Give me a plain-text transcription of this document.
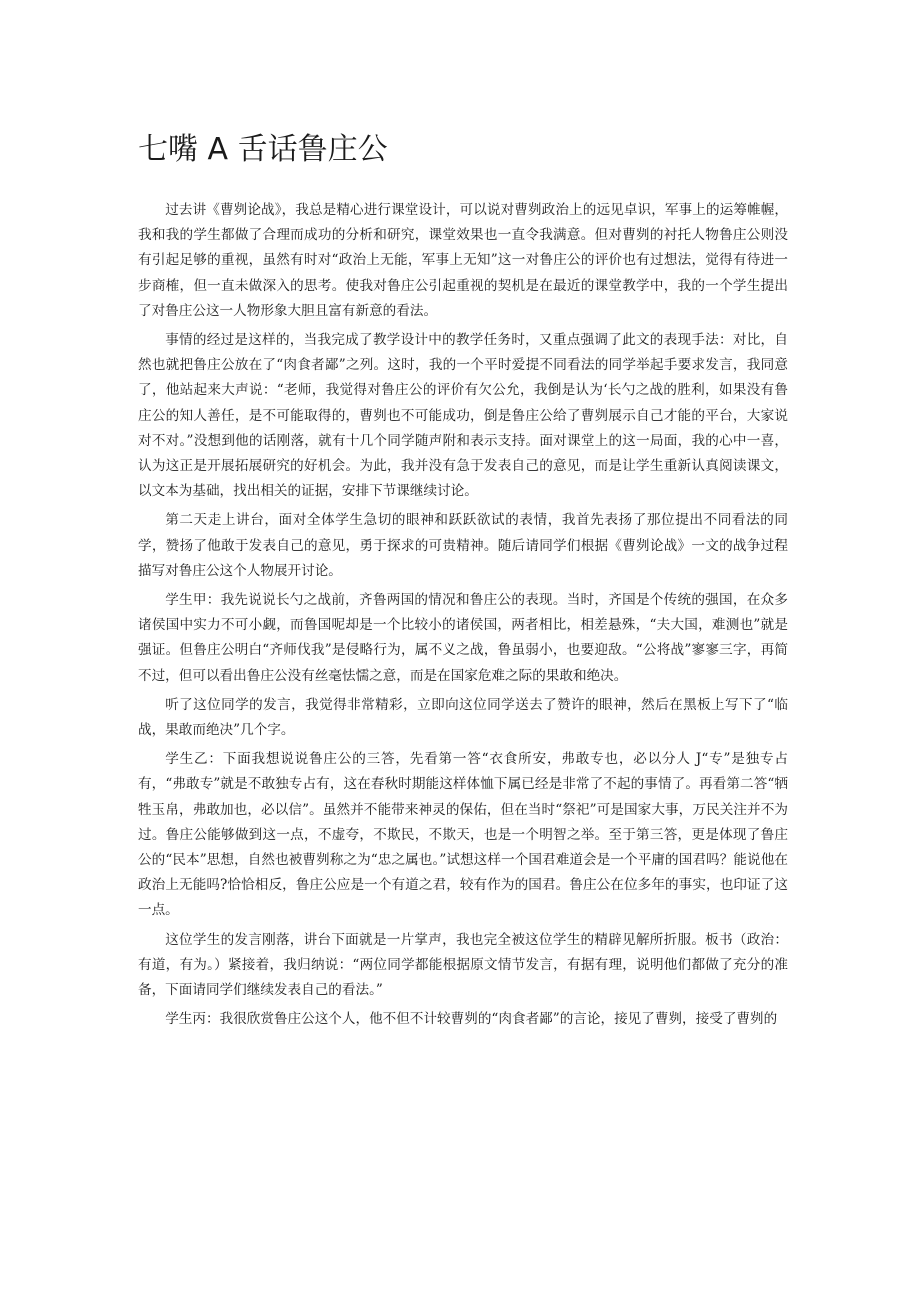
七嘴 A 舌话鲁庄公

过去讲《曹刿论战》，我总是精心进行课堂设计，可以说对曹刿政治上的远见卓识，军事上的运筹帷幄，我和我的学生都做了合理而成功的分析和研究，课堂效果也一直令我满意。但对曹刿的衬托人物鲁庄公则没有引起足够的重视，虽然有时对“政治上无能，军事上无知”这一对鲁庄公的评价也有过想法，觉得有待进一步商榷，但一直未做深入的思考。使我对鲁庄公引起重视的契机是在最近的课堂教学中，我的一个学生提出了对鲁庄公这一人物形象大胆且富有新意的看法。

事情的经过是这样的，当我完成了教学设计中的教学任务时，又重点强调了此文的表现手法：对比，自然也就把鲁庄公放在了“肉食者鄙”之列。这时，我的一个平时爱提不同看法的同学举起手要求发言，我同意了，他站起来大声说：“老师，我觉得对鲁庄公的评价有欠公允，我倒是认为‘长勺之战的胜利，如果没有鲁庄公的知人善任，是不可能取得的，曹刿也不可能成功，倒是鲁庄公给了曹刿展示自己才能的平台，大家说对不对。”没想到他的话刚落，就有十几个同学随声附和表示支持。面对课堂上的这一局面，我的心中一喜，认为这正是开展拓展研究的好机会。为此，我并没有急于发表自己的意见，而是让学生重新认真阅读课文，以文本为基础，找出相关的证据，安排下节课继续讨论。

第二天走上讲台，面对全体学生急切的眼神和跃跃欲试的表情，我首先表扬了那位提出不同看法的同学，赞扬了他敢于发表自己的意见，勇于探求的可贵精神。随后请同学们根据《曹刿论战》一文的战争过程描写对鲁庄公这个人物展开讨论。

学生甲：我先说说长勺之战前，齐鲁两国的情况和鲁庄公的表现。当时，齐国是个传统的强国，在众多诸侯国中实力不可小觑，而鲁国呢却是一个比较小的诸侯国，两者相比，相差悬殊，“夫大国，难测也”就是强证。但鲁庄公明白“齐师伐我”是侵略行为，属不义之战，鲁虽弱小，也要迎敌。“公将战”寥寥三字，再简不过，但可以看出鲁庄公没有丝毫怯懦之意，而是在国家危难之际的果敢和绝决。

听了这位同学的发言，我觉得非常精彩，立即向这位同学送去了赞许的眼神，然后在黑板上写下了“临战，果敢而绝决”几个字。

学生乙：下面我想说说鲁庄公的三答，先看第一答“衣食所安，弗敢专也，必以分人 J“专”是独专占有，“弗敢专”就是不敢独专占有，这在春秋时期能这样体恤下属已经是非常了不起的事情了。再看第二答“牺牲玉帛，弗敢加也，必以信”。虽然并不能带来神灵的保佑，但在当时“祭祀”可是国家大事，万民关注并不为过。鲁庄公能够做到这一点，不虚夸，不欺民，不欺天，也是一个明智之举。至于第三答，更是体现了鲁庄公的“民本”思想，自然也被曹刿称之为“忠之属也。”试想这样一个国君难道会是一个平庸的国君吗？能说他在政治上无能吗?恰恰相反，鲁庄公应是一个有道之君，较有作为的国君。鲁庄公在位多年的事实，也印证了这一点。

这位学生的发言刚落，讲台下面就是一片掌声，我也完全被这位学生的精辟见解所折服。板书（政治：有道，有为。）紧接着，我归纳说：“两位同学都能根据原文情节发言，有据有理，说明他们都做了充分的准备，下面请同学们继续发表自己的看法。”

学生丙：我很欣赏鲁庄公这个人，他不但不计较曹刿的“肉食者鄙”的言论，接见了曹刿，接受了曹刿的
